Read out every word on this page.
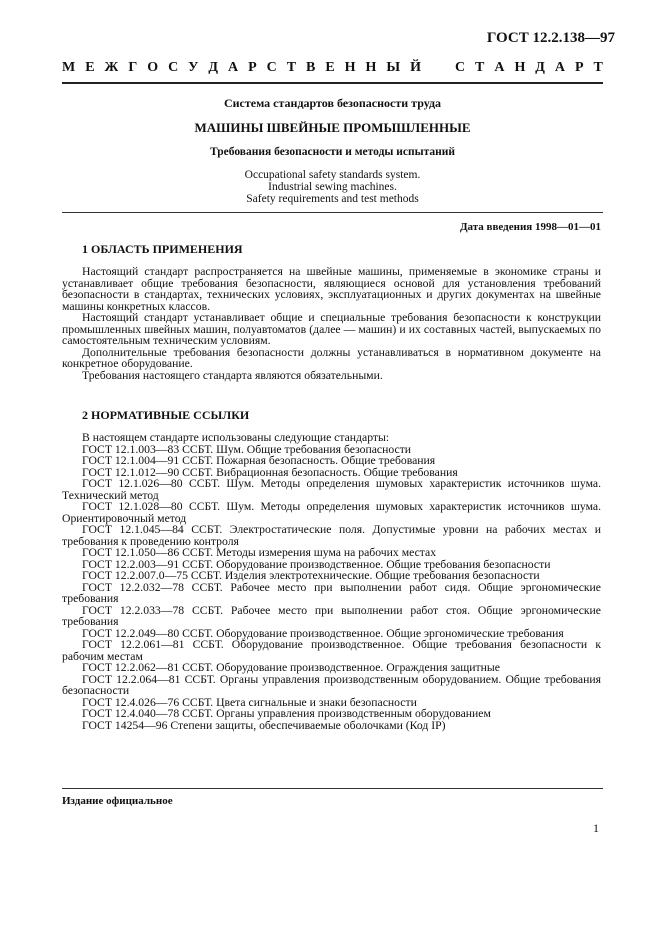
ГОСТ 12.2.138—97
М Е Ж Г О С У Д А Р С Т В Е Н Н Ы Й С Т А Н Д А Р Т
Система стандартов безопасности труда
МАШИНЫ ШВЕЙНЫЕ ПРОМЫШЛЕННЫЕ
Требования безопасности и методы испытаний
Occupational safety standards system.
Industrial sewing machines.
Safety requirements and test methods
Дата введения 1998—01—01
1 ОБЛАСТЬ ПРИМЕНЕНИЯ

Настоящий стандарт распространяется на швейные машины, применяемые в экономике страны и устанавливает общие требования безопасности, являющиеся основой для установления требований безопасности в стандартах, технических условиях, эксплуатационных и других документах на швейные машины конкретных классов.

Настоящий стандарт устанавливает общие и специальные требования безопасности к конструкции промышленных швейных машин, полуавтоматов (далее — машин) и их составных частей, выпускаемых по самостоятельным техническим условиям.

Дополнительные требования безопасности должны устанавливаться в нормативном документе на конкретное оборудование.

Требования настоящего стандарта являются обязательными.

2 НОРМАТИВНЫЕ ССЫЛКИ

В настоящем стандарте использованы следующие стандарты:

ГОСТ 12.1.003—83 ССБТ. Шум. Общие требования безопасности

ГОСТ 12.1.004—91 ССБТ. Пожарная безопасность. Общие требования

ГОСТ 12.1.012—90 ССБТ. Вибрационная безопасность. Общие требования

ГОСТ 12.1.026—80 ССБТ. Шум. Методы определения шумовых характеристик источников шума. Технический метод

ГОСТ 12.1.028—80 ССБТ. Шум. Методы определения шумовых характеристик источников шума. Ориентировочный метод

ГОСТ 12.1.045—84 ССБТ. Электростатические поля. Допустимые уровни на рабочих местах и требования к проведению контроля

ГОСТ 12.1.050—86 ССБТ. Методы измерения шума на рабочих местах

ГОСТ 12.2.003—91 ССБТ. Оборудование производственное. Общие требования безопасности

ГОСТ 12.2.007.0—75 ССБТ. Изделия электротехнические. Общие требования безопасности

ГОСТ 12.2.032—78 ССБТ. Рабочее место при выполнении работ сидя. Общие эргономические требования

ГОСТ 12.2.033—78 ССБТ. Рабочее место при выполнении работ стоя. Общие эргономические требования

ГОСТ 12.2.049—80 ССБТ. Оборудование производственное. Общие эргономические требования

ГОСТ 12.2.061—81 ССБТ. Оборудование производственное. Общие требования безопасности к рабочим местам

ГОСТ 12.2.062—81 ССБТ. Оборудование производственное. Ограждения защитные

ГОСТ 12.2.064—81 ССБТ. Органы управления производственным оборудованием. Общие требования безопасности

ГОСТ 12.4.026—76 ССБТ. Цвета сигнальные и знаки безопасности

ГОСТ 12.4.040—78 ССБТ. Органы управления производственным оборудованием

ГОСТ 14254—96 Степени защиты, обеспечиваемые оболочками (Код IP)

Издание официальное
1
